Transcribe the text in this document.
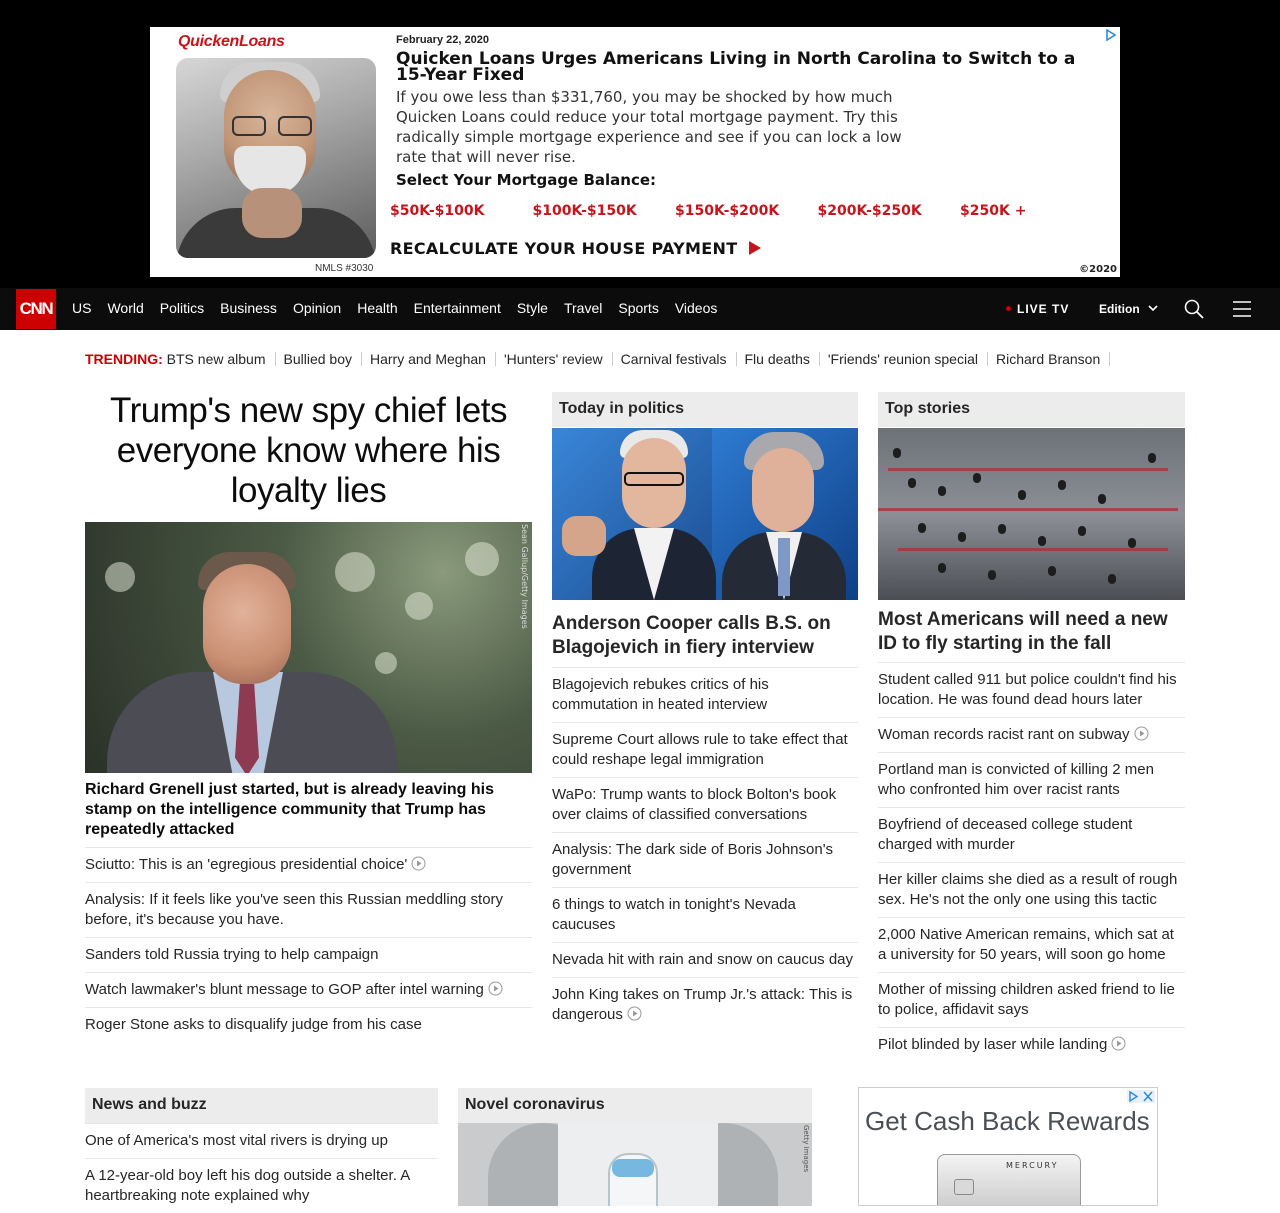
QuickenLoans
NMLS #3030
February 22, 2020
Quicken Loans Urges Americans Living in North Carolina to Switch to a 15-Year Fixed
If you owe less than $331,760, you may be shocked by how much Quicken Loans could reduce your total mortgage payment. Try this radically simple mortgage experience and see if you can lock a low rate that will never rise.
Select Your Mortgage Balance:
$50K-$100K	$100K-$150K	$150K-$200K	$200K-$250K	$250K +
RECALCULATE YOUR HOUSE PAYMENT
©2020
CNN US World Politics Business Opinion Health Entertainment Style Travel Sports Videos	LIVE TV Edition
TRENDING: BTS new album Bullied boy Harry and Meghan 'Hunters' review Carnival festivals Flu deaths 'Friends' reunion special Richard Branson
Trump's new spy chief lets everyone know where his loyalty lies
Sean Gallup/Getty Images
Richard Grenell just started, but is already leaving his stamp on the intelligence community that Trump has repeatedly attacked
Sciutto: This is an 'egregious presidential choice'
Analysis: If it feels like you've seen this Russian meddling story before, it's because you have.
Sanders told Russia trying to help campaign
Watch lawmaker's blunt message to GOP after intel warning
Roger Stone asks to disqualify judge from his case
Today in politics
Anderson Cooper calls B.S. on Blagojevich in fiery interview
Blagojevich rebukes critics of his commutation in heated interview
Supreme Court allows rule to take effect that could reshape legal immigration
WaPo: Trump wants to block Bolton's book over claims of classified conversations
Analysis: The dark side of Boris Johnson's government
6 things to watch in tonight's Nevada caucuses
Nevada hit with rain and snow on caucus day
John King takes on Trump Jr.'s attack: This is dangerous
Top stories
Most Americans will need a new ID to fly starting in the fall
Student called 911 but police couldn't find his location. He was found dead hours later
Woman records racist rant on subway
Portland man is convicted of killing 2 men who confronted him over racist rants
Boyfriend of deceased college student charged with murder
Her killer claims she died as a result of rough sex. He's not the only one using this tactic
2,000 Native American remains, which sat at a university for 50 years, will soon go home
Mother of missing children asked friend to lie to police, affidavit says
Pilot blinded by laser while landing
News and buzz
One of America's most vital rivers is drying up
A 12-year-old boy left his dog outside a shelter. A heartbreaking note explained why
Novel coronavirus
Getty Images
Get Cash Back Rewards
MERCURY
